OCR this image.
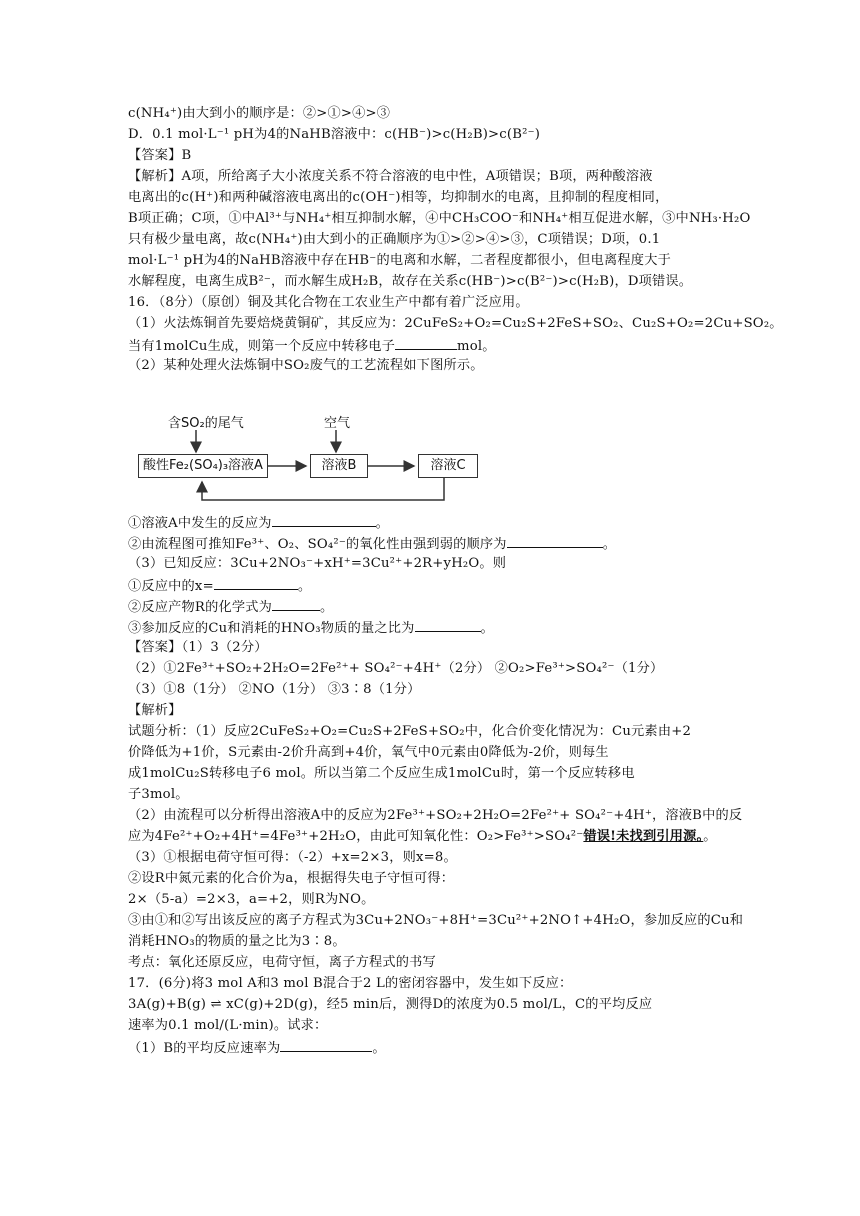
c(NH₄⁺)由大到小的顺序是：②>①>④>③
D．0.1 mol·L⁻¹ pH为4的NaHB溶液中：c(HB⁻)>c(H₂B)>c(B²⁻)
【答案】B
【解析】A项，所给离子大小浓度关系不符合溶液的电中性，A项错误；B项，两种酸溶液
电离出的c(H⁺)和两种碱溶液电离出的c(OH⁻)相等，均抑制水的电离，且抑制的程度相同，
B项正确；C项，①中Al³⁺与NH₄⁺相互抑制水解，④中CH₃COO⁻和NH₄⁺相互促进水解，③中NH₃·H₂O
只有极少量电离，故c(NH₄⁺)由大到小的正确顺序为①>②>④>③，C项错误；D项，0.1
mol·L⁻¹ pH为4的NaHB溶液中存在HB⁻的电离和水解，二者程度都很小，但电离程度大于
水解程度，电离生成B²⁻，而水解生成H₂B，故存在关系c(HB⁻)>c(B²⁻)>c(H₂B)，D项错误。
16．（8分）（原创）铜及其化合物在工农业生产中都有着广泛应用。
（1）火法炼铜首先要焙烧黄铜矿，其反应为：2CuFeS₂+O₂=Cu₂S+2FeS+SO₂、Cu₂S+O₂=2Cu+SO₂。
当有1molCu生成，则第一个反应中转移电子	mol。
（2）某种处理火法炼铜中SO₂废气的工艺流程如下图所示。
①溶液A中发生的反应为	。
②由流程图可推知Fe³⁺、O₂、SO₄²⁻的氧化性由强到弱的顺序为	。
（3）已知反应：3Cu+2NO₃⁻+xH⁺=3Cu²⁺+2R+yH₂O。则
①反应中的x=	。
②反应产物R的化学式为	。
③参加反应的Cu和消耗的HNO₃物质的量之比为	。
【答案】（1）3（2分）
（2）①2Fe³⁺+SO₂+2H₂O=2Fe²⁺+ SO₄²⁻+4H⁺（2分） ②O₂>Fe³⁺>SO₄²⁻（1分）
（3）①8（1分） ②NO（1分） ③3∶8（1分）
【解析】
试题分析：（1）反应2CuFeS₂+O₂=Cu₂S+2FeS+SO₂中，化合价变化情况为：Cu元素由+2
价降低为+1价，S元素由-2价升高到+4价，氧气中0元素由0降低为-2价，则每生
成1molCu₂S转移电子6 mol。所以当第二个反应生成1molCu时，第一个反应转移电
子3mol。
（2）由流程可以分析得出溶液A中的反应为2Fe³⁺+SO₂+2H₂O=2Fe²⁺+ SO₄²⁻+4H⁺，溶液B中的反
应为4Fe²⁺+O₂+4H⁺=4Fe³⁺+2H₂O，由此可知氧化性：O₂>Fe³⁺>SO₄²⁻错误!未找到引用源。。
（3）①根据电荷守恒可得：（-2）+x=2×3，则x=8。
②设R中氮元素的化合价为a，根据得失电子守恒可得：
2×（5-a）=2×3，a=+2，则R为NO。
③由①和②写出该反应的离子方程式为3Cu+2NO₃⁻+8H⁺=3Cu²⁺+2NO↑+4H₂O，参加反应的Cu和
消耗HNO₃的物质的量之比为3∶8。
考点：氧化还原反应，电荷守恒，离子方程式的书写
17．(6分)将3 mol A和3 mol B混合于2 L的密闭容器中，发生如下反应：
3A(g)+B(g) ⇌ xC(g)+2D(g)，经5 min后，测得D的浓度为0.5 mol/L，C的平均反应
速率为0.1 mol/(L·min)。试求：
（1）B的平均反应速率为	。
含SO₂的尾气	空气
酸性Fe₂(SO₄)₃溶液A	溶液B	溶液C
